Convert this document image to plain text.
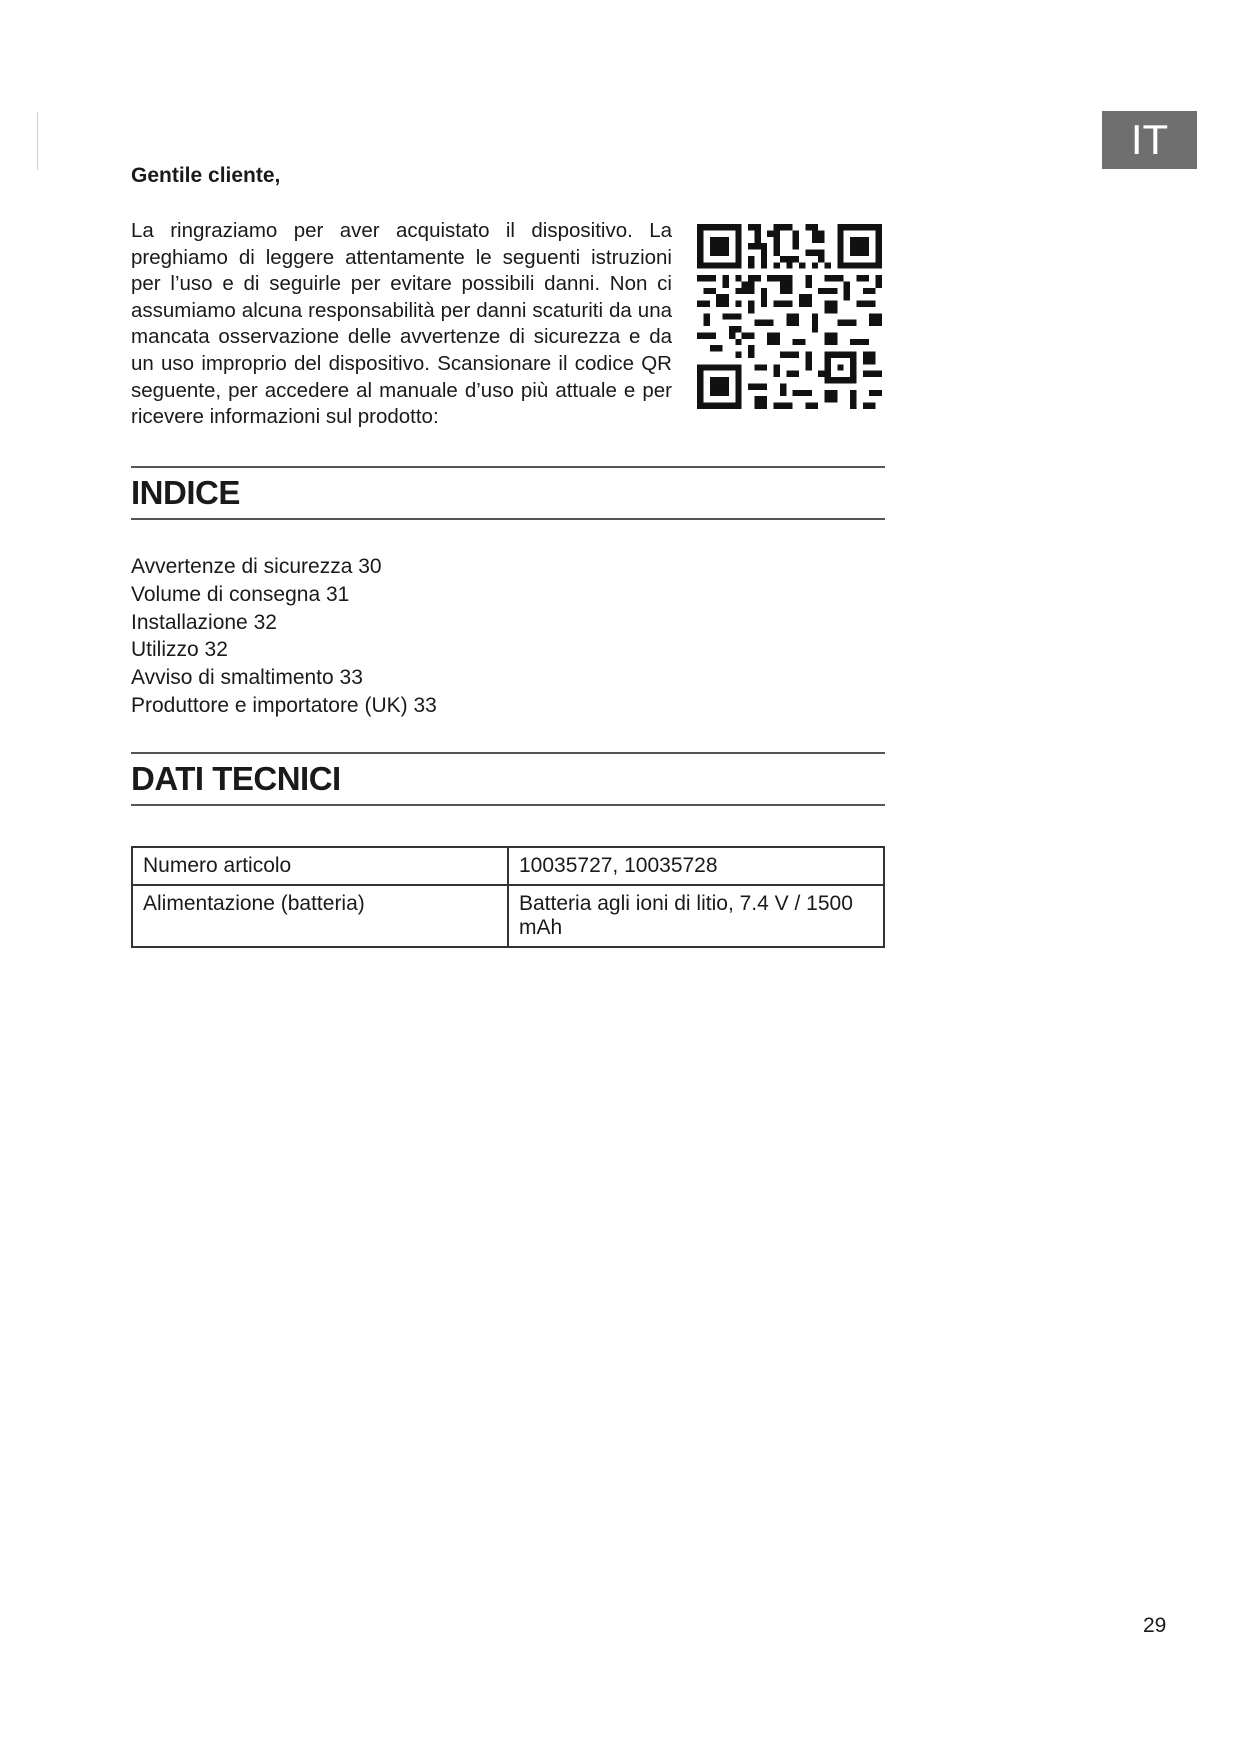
IT

Gentile cliente,

La ringraziamo per aver acquistato il dispositivo. La preghiamo di leggere attentamente le seguenti istruzioni per l’uso e di seguirle per evitare possibili danni. Non ci assumiamo alcuna responsabilità per danni scaturiti da una mancata osservazione delle avvertenze di sicurezza e da un uso improprio del dispositivo. Scansionare il codice QR seguente, per accedere al manuale d’uso più attuale e per ricevere informazioni sul prodotto:

INDICE
Avvertenze di sicurezza 30
Volume di consegna 31
Installazione 32
Utilizzo 32
Avviso di smaltimento 33
Produttore e importatore (UK) 33
DATI TECNICI
Numero articolo	10035727, 10035728
Alimentazione (batteria)	Batteria agli ioni di litio, 7.4 V / 1500 mAh
29
